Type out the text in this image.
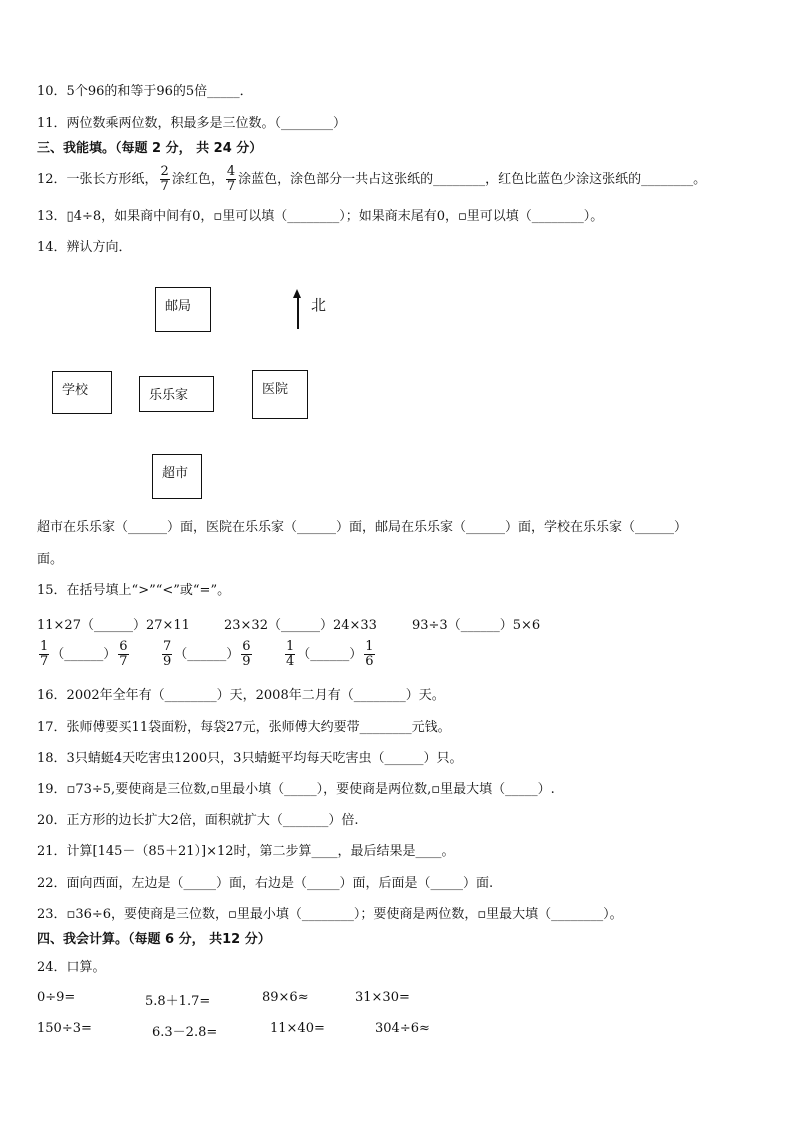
10．5个96的和等于96的5倍_____．
11．两位数乘两位数，积最多是三位数。（________）
三、我能填。（每题 2 分， 共 24 分）
12．一张长方形纸， $\frac{2}{7}$ 涂红色， $\frac{4}{7}$ 涂蓝色，涂色部分一共占这张纸的________，红色比蓝色少涂这张纸的________。
13．▯4÷8，如果商中间有0，▫里可以填（________）；如果商末尾有0，▫里可以填（________）。
14．辨认方向．
邮局	北
学校	乐乐家	医院
超市
超市在乐乐家（______）面，医院在乐乐家（______）面，邮局在乐乐家（______）面，学校在乐乐家（______）
面。
15．在括号填上“>”“<”或“=”。
11×27（______）27×11	23×32（______）24×33	93÷3（______）5×6
$\frac{1}{7}$ （______） $\frac{6}{7}$	$\frac{7}{9}$ （______） $\frac{6}{9}$	$\frac{1}{4}$ （______） $\frac{1}{6}$
16．2002年全年有（________）天，2008年二月有（________）天。
17．张师傅要买11袋面粉，每袋27元，张师傅大约要带________元钱。
18．3只蜻蜓4天吃害虫1200只，3只蜻蜓平均每天吃害虫（______）只。
19．▫73÷5,要使商是三位数,▫里最小填（_____），要使商是两位数,▫里最大填（_____）.
20．正方形的边长扩大2倍，面积就扩大（_______）倍.
21．计算[145－（85＋21）]×12时，第二步算____，最后结果是____。
22．面向西面，左边是（_____）面，右边是（_____）面，后面是（_____）面.
23．▫36÷6，要使商是三位数，▫里最小填（________）；要使商是两位数，▫里最大填（________）。
四、我会计算。（每题 6 分， 共12 分）
24．口算。
0÷9=	5.8＋1.7=	89×6≈	31×30=
150÷3=	6.3－2.8=	11×40=	304÷6≈
